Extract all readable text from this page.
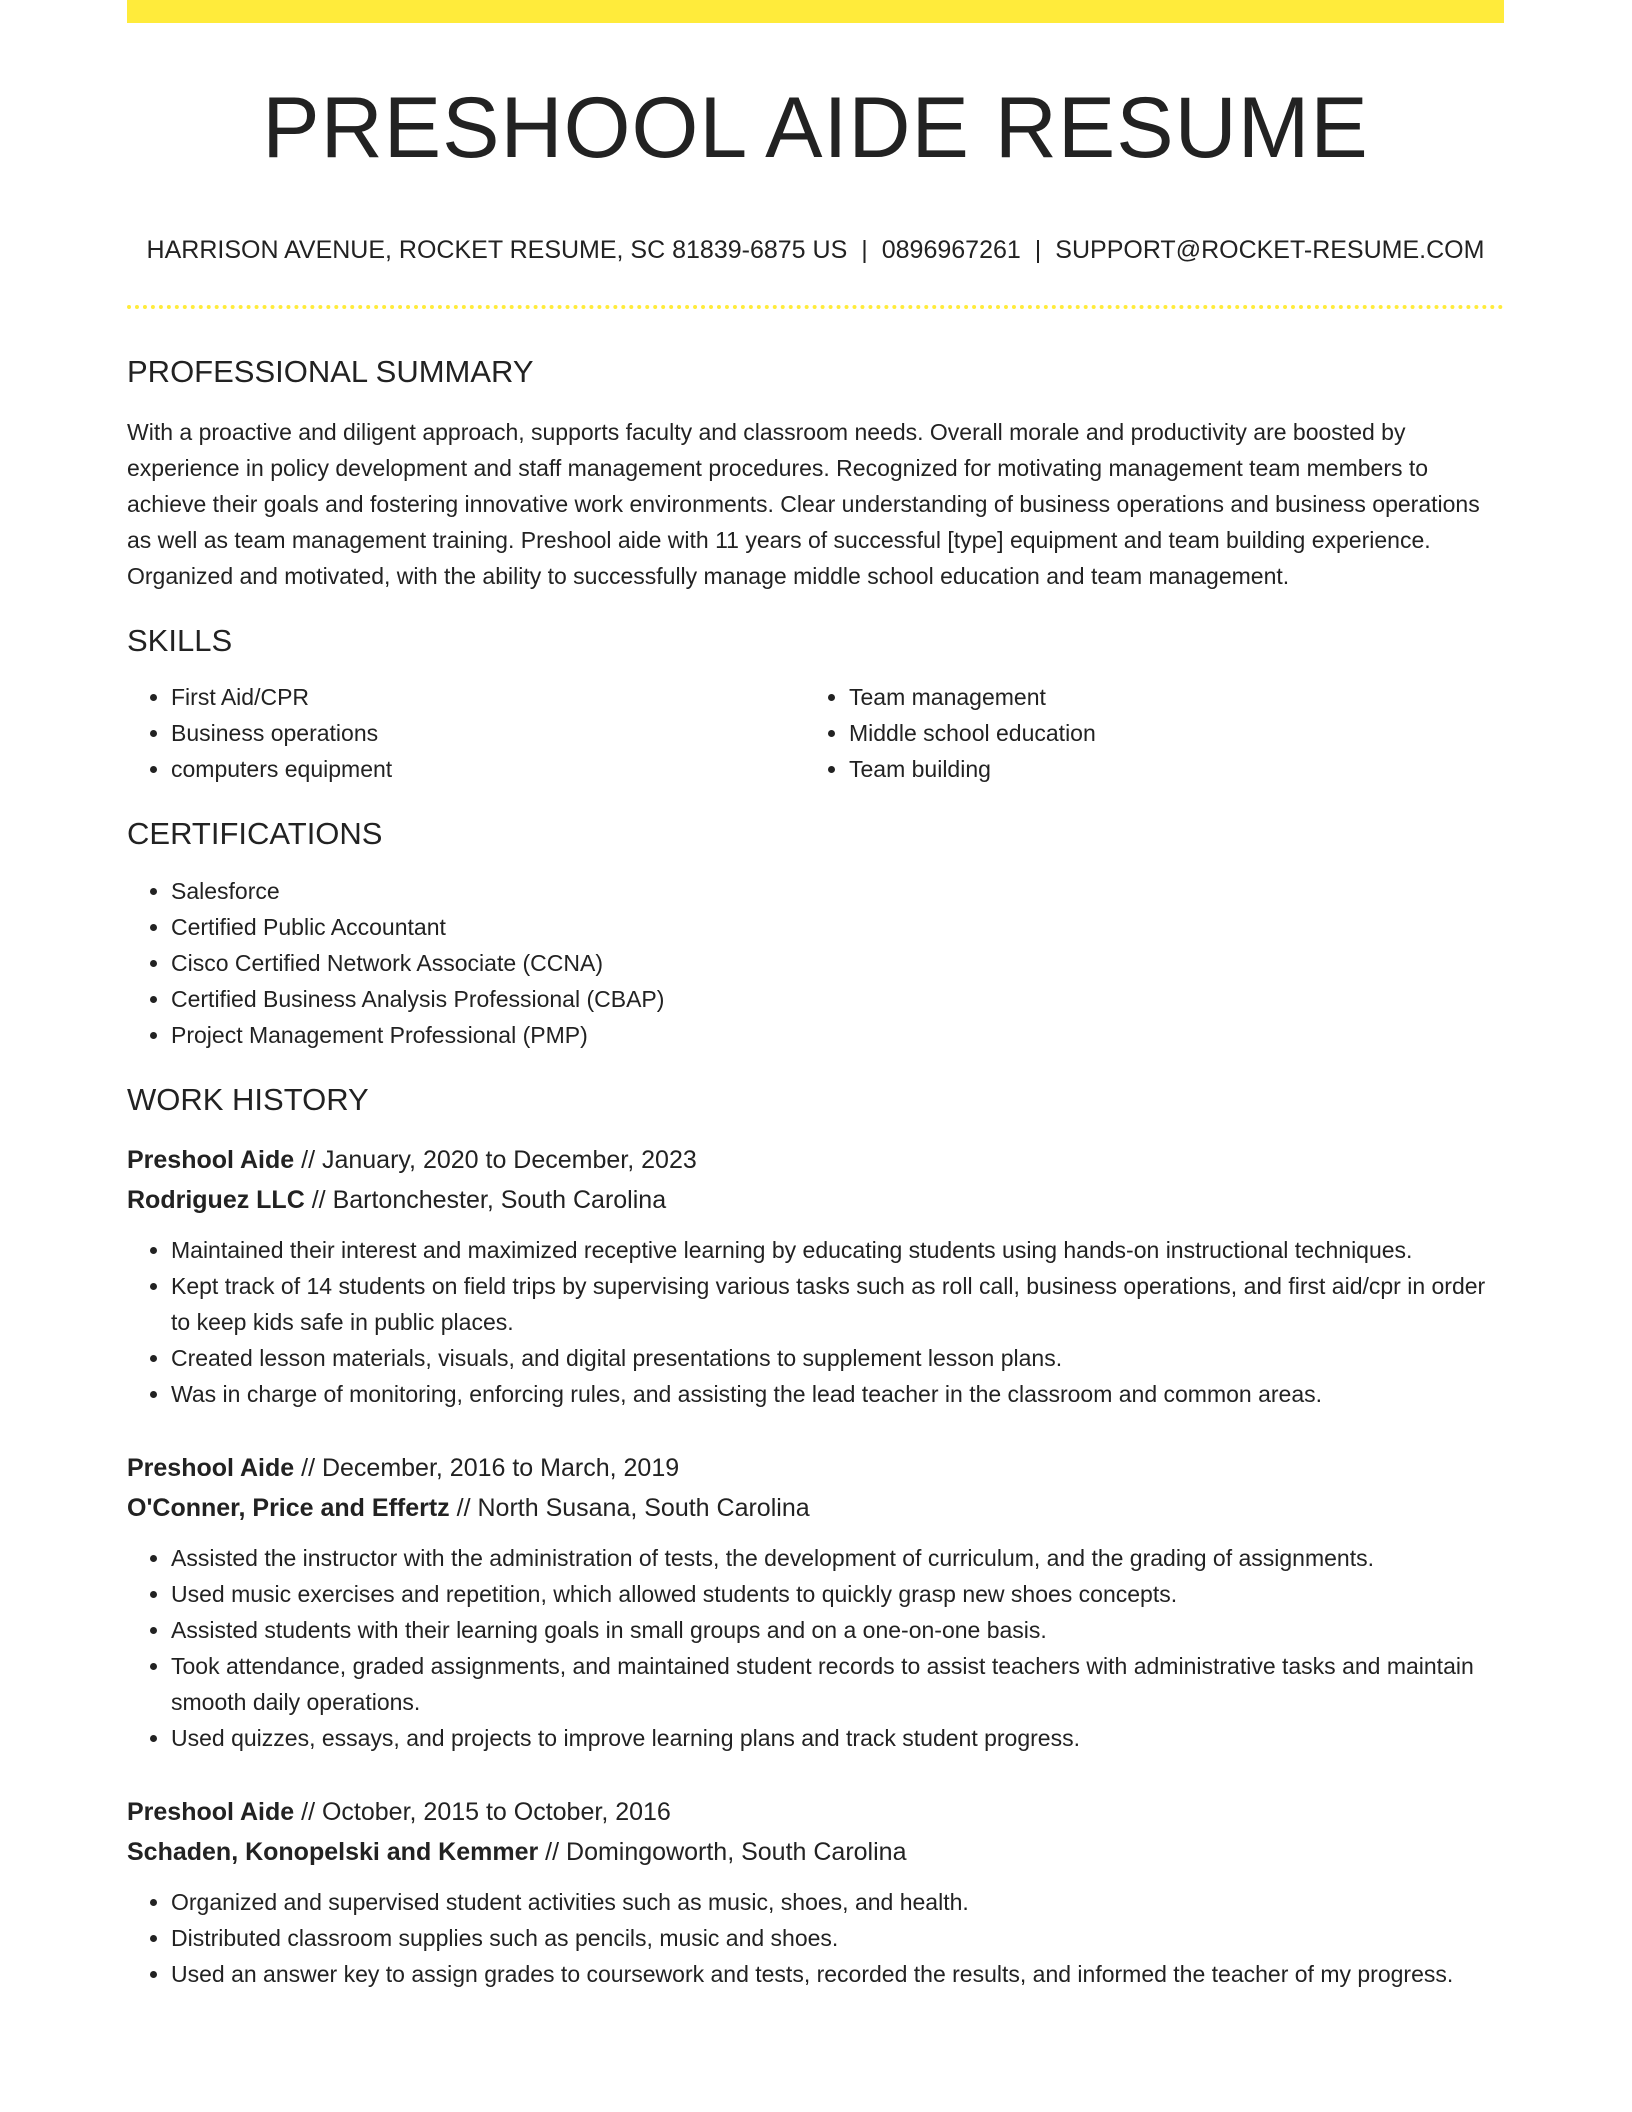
PRESHOOL AIDE RESUME
HARRISON AVENUE, ROCKET RESUME, SC 81839-6875 US | 0896967261 | SUPPORT@ROCKET-RESUME.COM
PROFESSIONAL SUMMARY
With a proactive and diligent approach, supports faculty and classroom needs. Overall morale and productivity are boosted by experience in policy development and staff management procedures. Recognized for motivating management team members to achieve their goals and fostering innovative work environments. Clear understanding of business operations and business operations as well as team management training. Preshool aide with 11 years of successful [type] equipment and team building experience. Organized and motivated, with the ability to successfully manage middle school education and team management.
SKILLS
• First Aid/CPR
• Business operations
• computers equipment
• Team management
• Middle school education
• Team building
CERTIFICATIONS
• Salesforce
• Certified Public Accountant
• Cisco Certified Network Associate (CCNA)
• Certified Business Analysis Professional (CBAP)
• Project Management Professional (PMP)
WORK HISTORY
Preshool Aide // January, 2020 to December, 2023
Rodriguez LLC // Bartonchester, South Carolina
• Maintained their interest and maximized receptive learning by educating students using hands-on instructional techniques.
• Kept track of 14 students on field trips by supervising various tasks such as roll call, business operations, and first aid/cpr in order to keep kids safe in public places.
• Created lesson materials, visuals, and digital presentations to supplement lesson plans.
• Was in charge of monitoring, enforcing rules, and assisting the lead teacher in the classroom and common areas.
Preshool Aide // December, 2016 to March, 2019
O'Conner, Price and Effertz // North Susana, South Carolina
• Assisted the instructor with the administration of tests, the development of curriculum, and the grading of assignments.
• Used music exercises and repetition, which allowed students to quickly grasp new shoes concepts.
• Assisted students with their learning goals in small groups and on a one-on-one basis.
• Took attendance, graded assignments, and maintained student records to assist teachers with administrative tasks and maintain smooth daily operations.
• Used quizzes, essays, and projects to improve learning plans and track student progress.
Preshool Aide // October, 2015 to October, 2016
Schaden, Konopelski and Kemmer // Domingoworth, South Carolina
• Organized and supervised student activities such as music, shoes, and health.
• Distributed classroom supplies such as pencils, music and shoes.
• Used an answer key to assign grades to coursework and tests, recorded the results, and informed the teacher of my progress.
